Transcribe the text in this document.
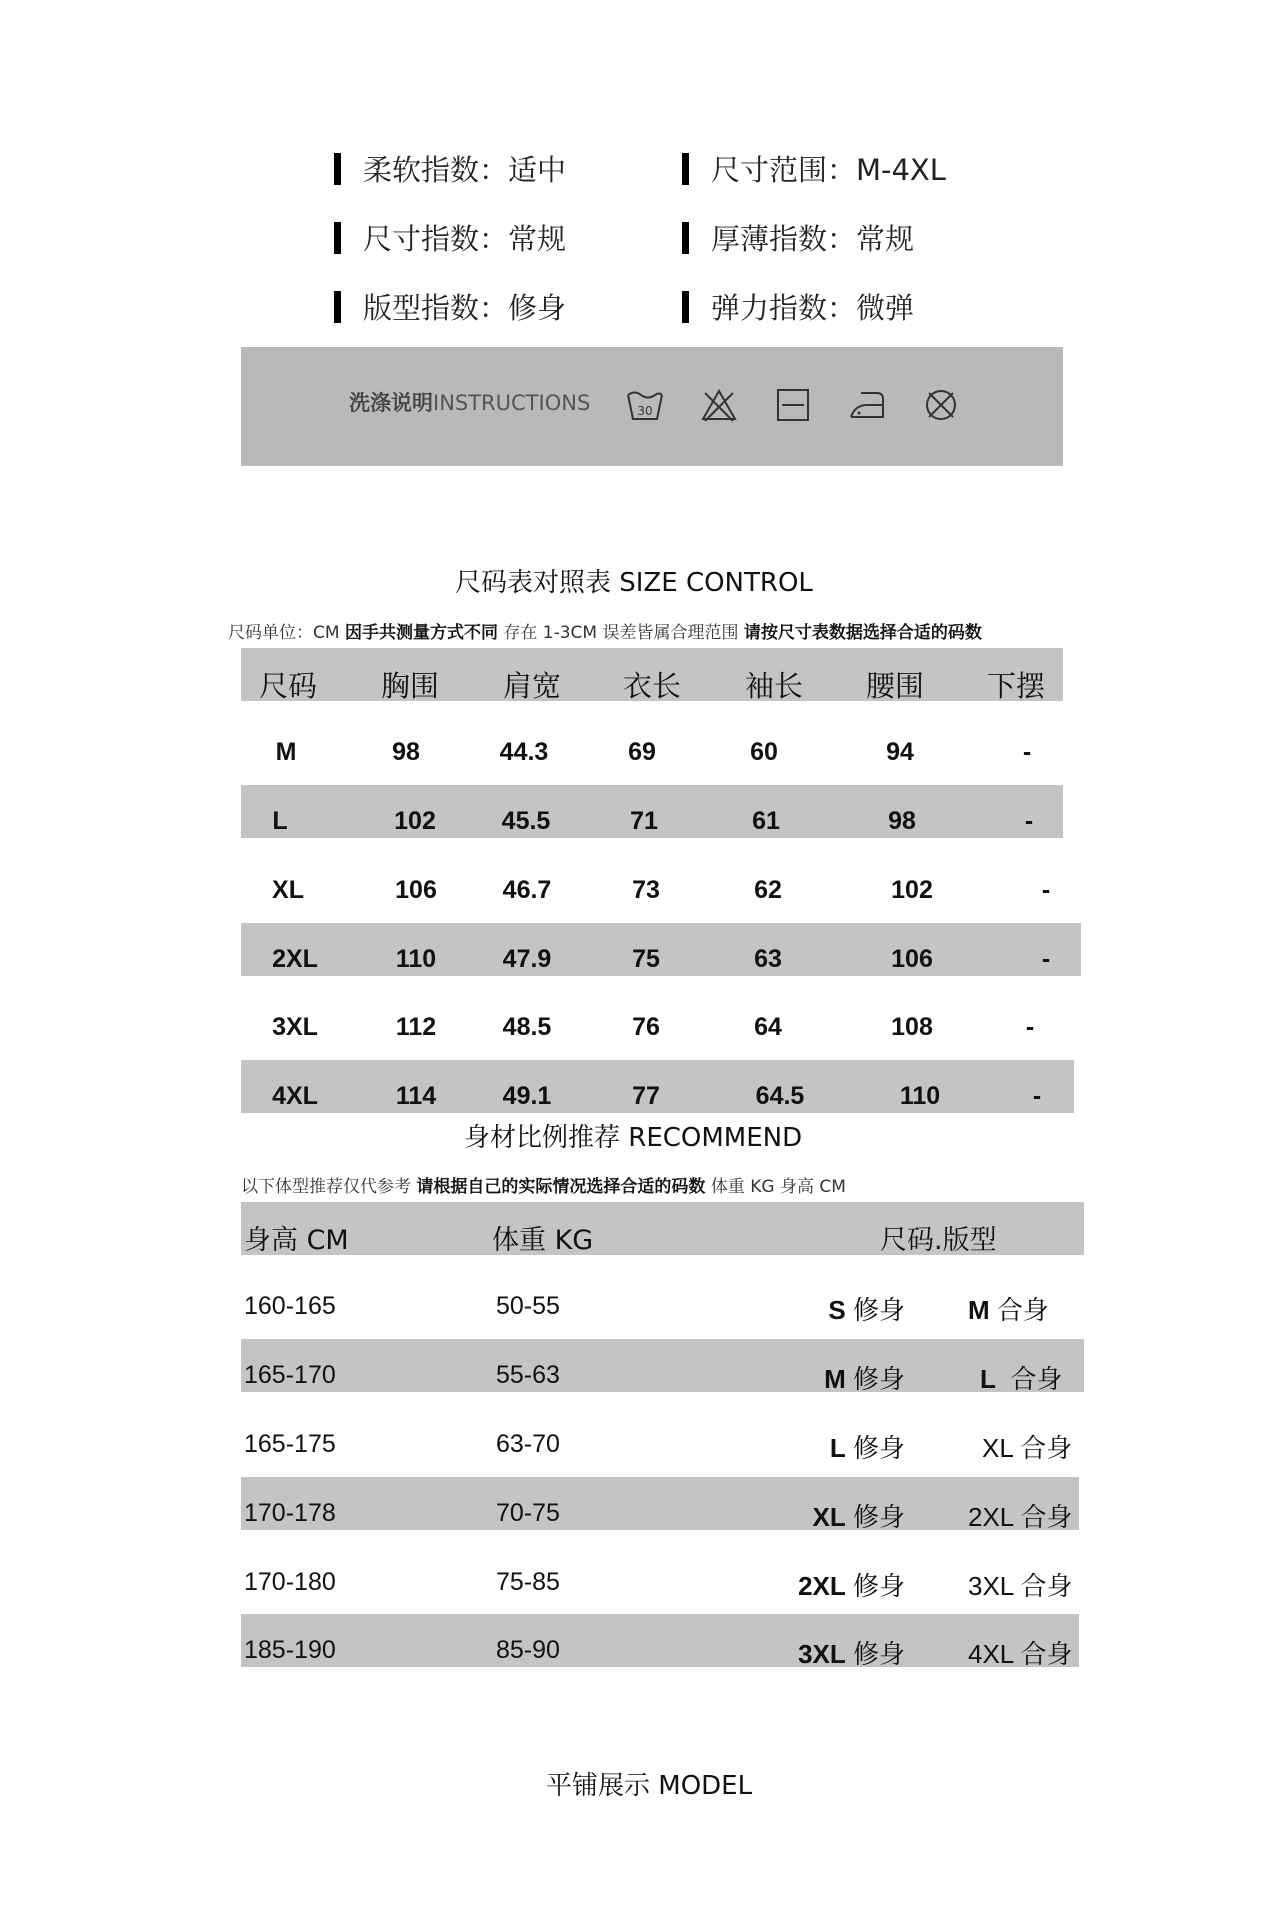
柔软指数：适中	尺寸范围：M-4XL
尺寸指数：常规	厚薄指数：常规
版型指数：修身	弹力指数：微弹
洗涤说明INSTRUCTIONS	30
尺码表对照表 SIZE CONTROL
尺码单位：CM 因手共测量方式不同 存在 1-3CM 误差皆属合理范围 请按尺寸表数据选择合适的码数
尺码 胸围 肩宽 衣长 袖长 腰围 下摆
M	98	44.3	69	60	94	-
L	102	45.5	71	61	98	-
XL	106	46.7	73	62	102	-
2XL	110	47.9	75	63	106	-
3XL	112	48.5	76	64	108	-
4XL	114	49.1	77	64.5	110	-
身材比例推荐 RECOMMEND
以下体型推荐仅代参考 请根据自己的实际情况选择合适的码数 体重 KG 身高 CM
身高 CM	体重 KG	尺码.版型
160-165	50-55	S 修身 M 合身
165-170	55-63	M 修身	L 合身
165-175	63-70	L 修身	XL 合身
170-178	70-75	XL 修身 2XL 合身
170-180	75-85	2XL 修身 3XL 合身
185-190	85-90	3XL 修身 4XL 合身
平铺展示 MODEL
